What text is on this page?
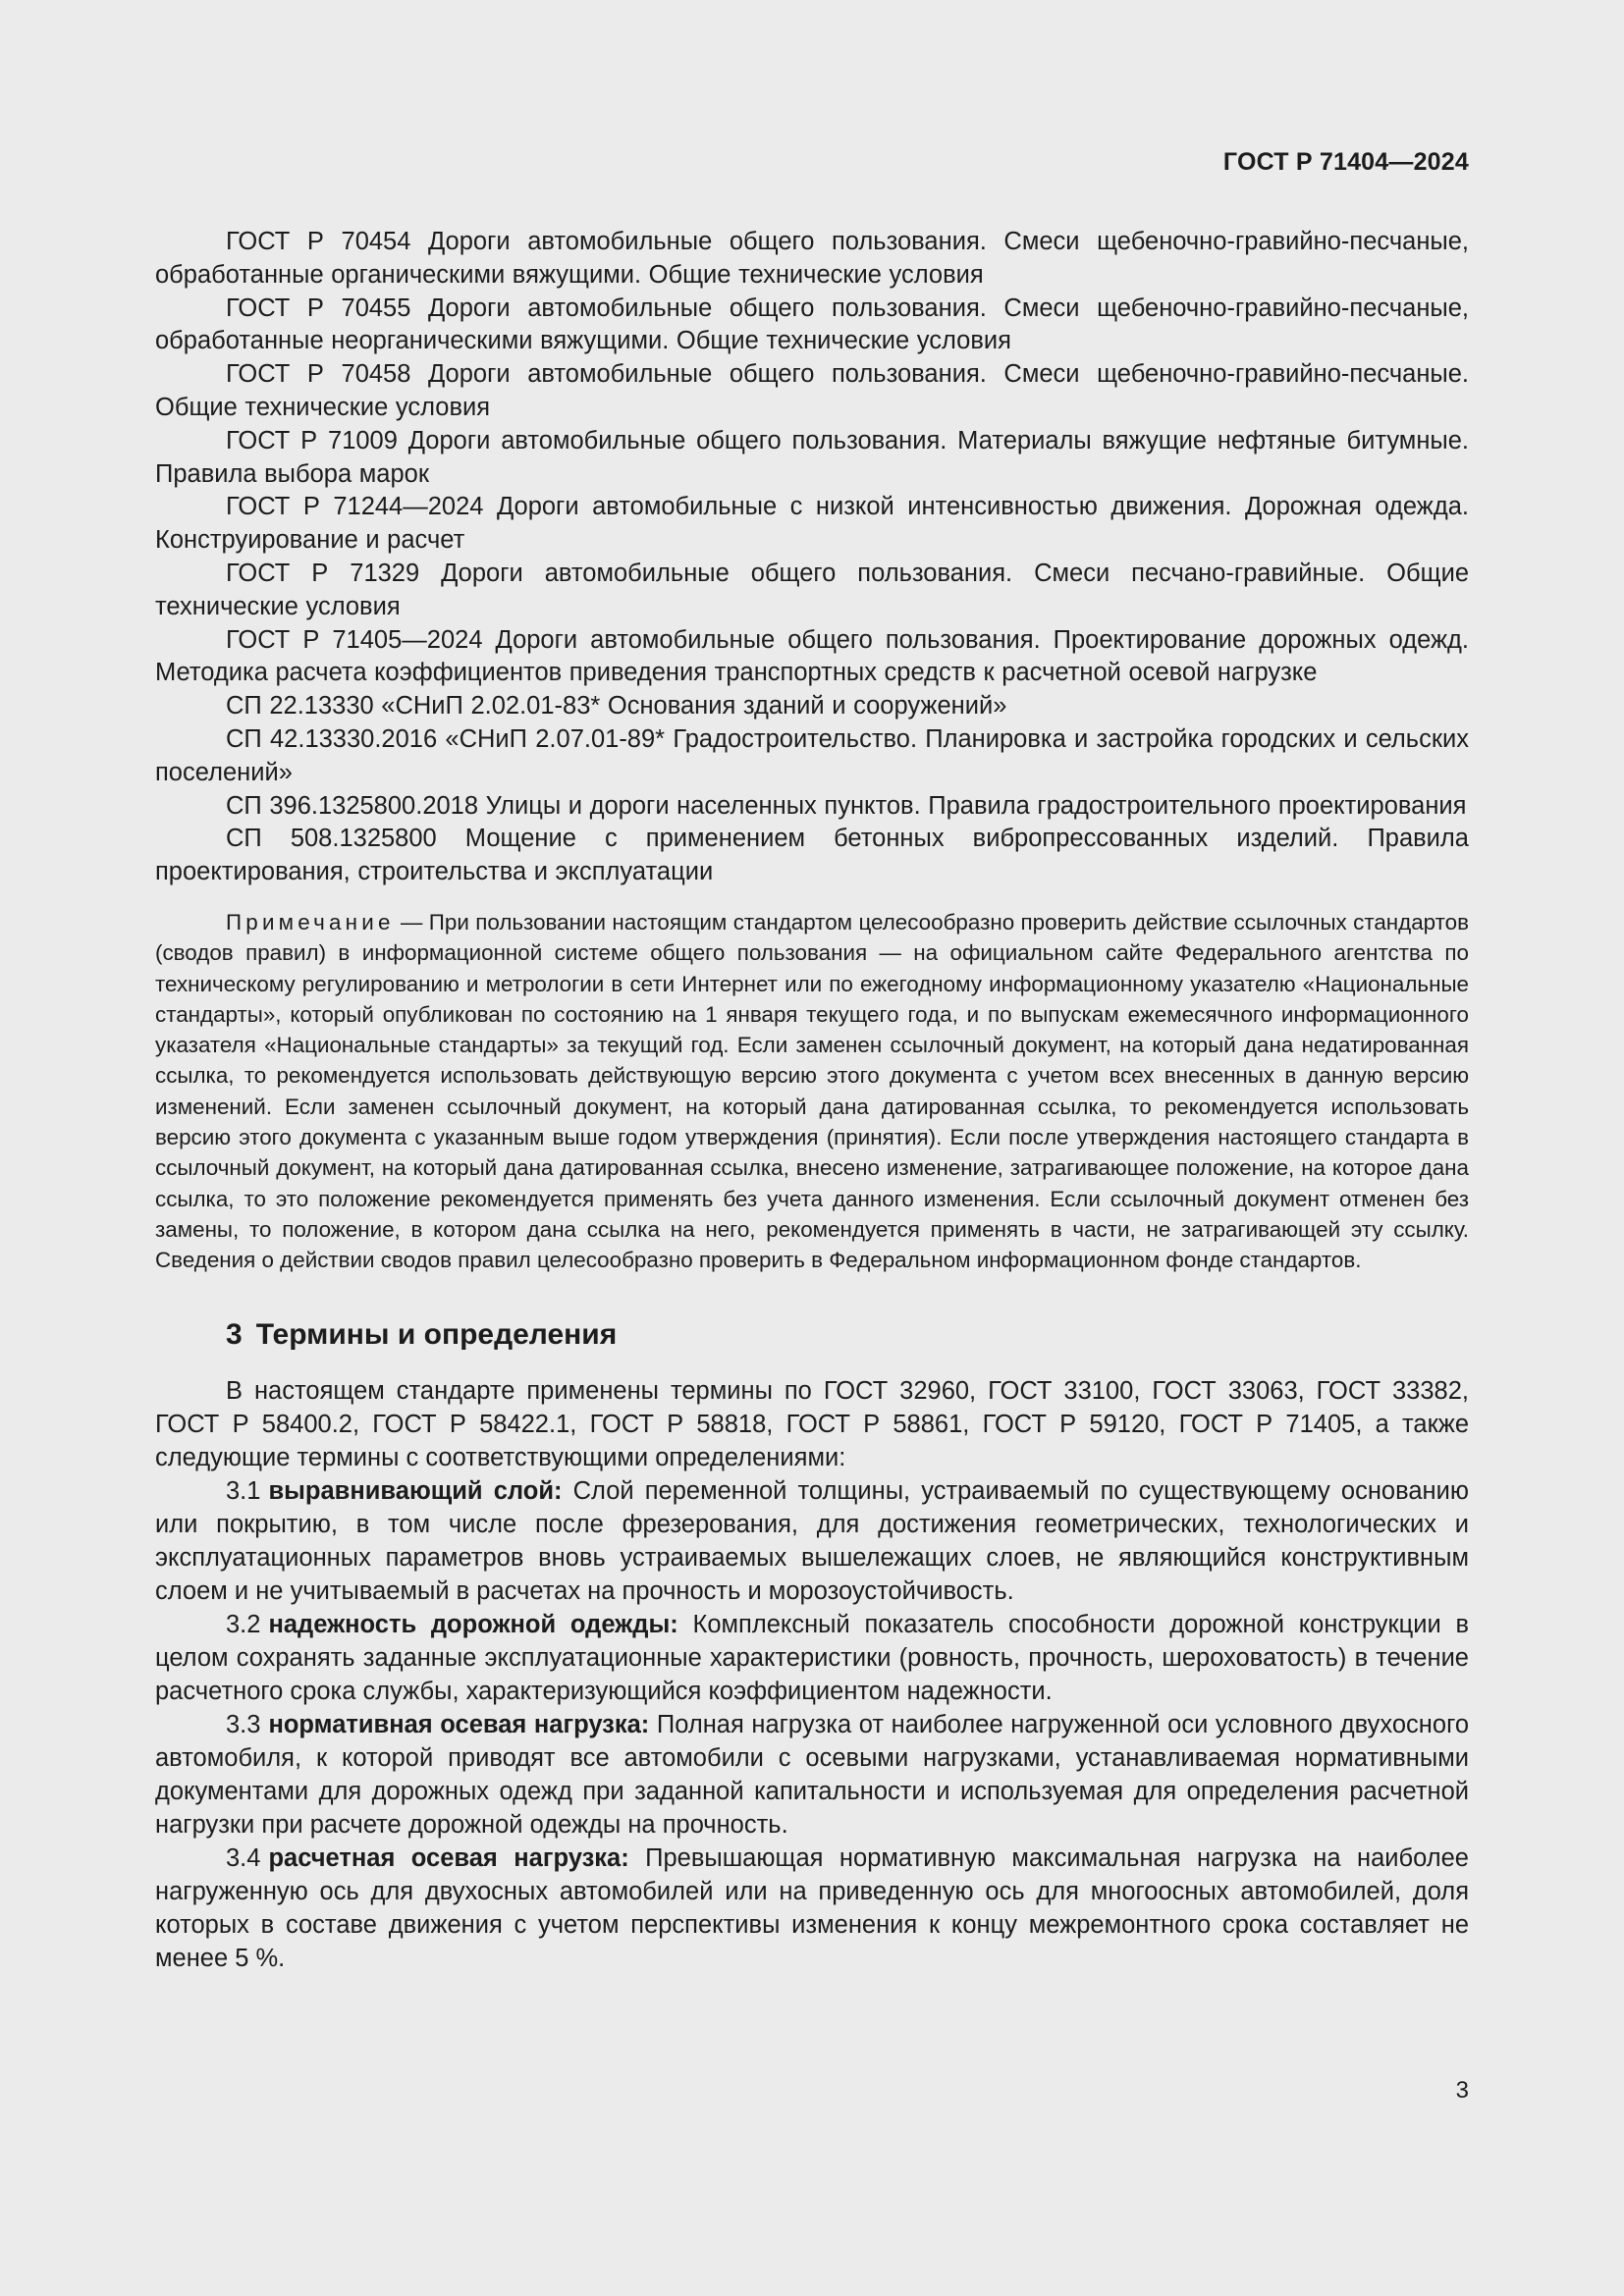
ГОСТ Р 71404—2024

ГОСТ Р 70454 Дороги автомобильные общего пользования. Смеси щебеночно-гравийно-песчаные, обработанные органическими вяжущими. Общие технические условия

ГОСТ Р 70455 Дороги автомобильные общего пользования. Смеси щебеночно-гравийно-песчаные, обработанные неорганическими вяжущими. Общие технические условия

ГОСТ Р 70458 Дороги автомобильные общего пользования. Смеси щебеночно-гравийно-песчаные. Общие технические условия

ГОСТ Р 71009 Дороги автомобильные общего пользования. Материалы вяжущие нефтяные битумные. Правила выбора марок

ГОСТ Р 71244—2024 Дороги автомобильные с низкой интенсивностью движения. Дорожная одежда. Конструирование и расчет

ГОСТ Р 71329 Дороги автомобильные общего пользования. Смеси песчано-гравийные. Общие технические условия

ГОСТ Р 71405—2024 Дороги автомобильные общего пользования. Проектирование дорожных одежд. Методика расчета коэффициентов приведения транспортных средств к расчетной осевой нагрузке

СП 22.13330 «СНиП 2.02.01-83* Основания зданий и сооружений»

СП 42.13330.2016 «СНиП 2.07.01-89* Градостроительство. Планировка и застройка городских и сельских поселений»

СП 396.1325800.2018 Улицы и дороги населенных пунктов. Правила градостроительного проектирования

СП 508.1325800 Мощение с применением бетонных вибропрессованных изделий. Правила проектирования, строительства и эксплуатации

Примечание — При пользовании настоящим стандартом целесообразно проверить действие ссылочных стандартов (сводов правил) в информационной системе общего пользования — на официальном сайте Федерального агентства по техническому регулированию и метрологии в сети Интернет или по ежегодному информационному указателю «Национальные стандарты», который опубликован по состоянию на 1 января текущего года, и по выпускам ежемесячного информационного указателя «Национальные стандарты» за текущий год. Если заменен ссылочный документ, на который дана недатированная ссылка, то рекомендуется использовать действующую версию этого документа с учетом всех внесенных в данную версию изменений. Если заменен ссылочный документ, на который дана датированная ссылка, то рекомендуется использовать версию этого документа с указанным выше годом утверждения (принятия). Если после утверждения настоящего стандарта в ссылочный документ, на который дана датированная ссылка, внесено изменение, затрагивающее положение, на которое дана ссылка, то это положение рекомендуется применять без учета данного изменения. Если ссылочный документ отменен без замены, то положение, в котором дана ссылка на него, рекомендуется применять в части, не затрагивающей эту ссылку. Сведения о действии сводов правил целесообразно проверить в Федеральном информационном фонде стандартов.

3 Термины и определения

В настоящем стандарте применены термины по ГОСТ 32960, ГОСТ 33100, ГОСТ 33063, ГОСТ 33382, ГОСТ Р 58400.2, ГОСТ Р 58422.1, ГОСТ Р 58818, ГОСТ Р 58861, ГОСТ Р 59120, ГОСТ Р 71405, а также следующие термины с соответствующими определениями:

3.1 выравнивающий слой: Слой переменной толщины, устраиваемый по существующему основанию или покрытию, в том числе после фрезерования, для достижения геометрических, технологических и эксплуатационных параметров вновь устраиваемых вышележащих слоев, не являющийся конструктивным слоем и не учитываемый в расчетах на прочность и морозоустойчивость.

3.2 надежность дорожной одежды: Комплексный показатель способности дорожной конструкции в целом сохранять заданные эксплуатационные характеристики (ровность, прочность, шероховатость) в течение расчетного срока службы, характеризующийся коэффициентом надежности.

3.3 нормативная осевая нагрузка: Полная нагрузка от наиболее нагруженной оси условного двухосного автомобиля, к которой приводят все автомобили с осевыми нагрузками, устанавливаемая нормативными документами для дорожных одежд при заданной капитальности и используемая для определения расчетной нагрузки при расчете дорожной одежды на прочность.

3.4 расчетная осевая нагрузка: Превышающая нормативную максимальная нагрузка на наиболее нагруженную ось для двухосных автомобилей или на приведенную ось для многоосных автомобилей, доля которых в составе движения с учетом перспективы изменения к концу межремонтного срока составляет не менее 5 %.

3
